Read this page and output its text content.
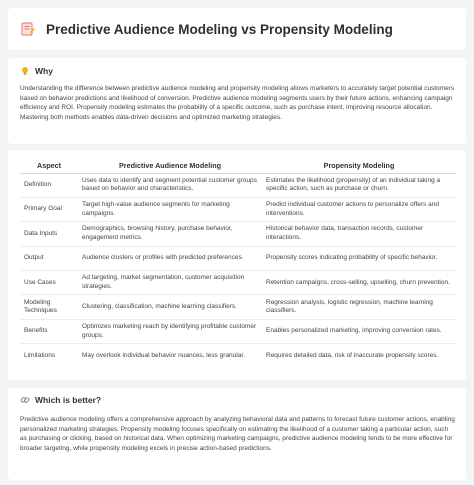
Predictive Audience Modeling vs Propensity Modeling
Why

Understanding the difference between predictive audience modeling and propensity modeling allows marketers to accurately target potential customers based on behavior predictions and likelihood of conversion. Predictive audience modeling segments users by their future actions, enhancing campaign efficiency and ROI. Propensity modeling estimates the probability of a specific outcome, such as purchase intent, improving resource allocation. Mastering both methods enables data-driven decisions and optimized marketing strategies.

Aspect	Predictive Audience Modeling	Propensity Modeling
Definition	Uses data to identify and segment potential customer groups based on behavior and characteristics.	Estimates the likelihood (propensity) of an individual taking a specific action, such as purchase or churn.
Primary Goal	Target high-value audience segments for marketing campaigns.	Predict individual customer actions to personalize offers and interventions.
Data Inputs	Demographics, browsing history, purchase behavior, engagement metrics.	Historical behavior data, transaction records, customer interactions.
Output	Audience clusters or profiles with predicted preferences.	Propensity scores indicating probability of specific behavior.
Use Cases	Ad targeting, market segmentation, customer acquisition strategies.	Retention campaigns, cross-selling, upselling, churn prevention.
Modeling Techniques	Clustering, classification, machine learning classifiers.	Regression analysis, logistic regression, machine learning classifiers.
Benefits	Optimizes marketing reach by identifying profitable customer groups.	Enables personalized marketing, improving conversion rates.
Limitations	May overlook individual behavior nuances, less granular.	Requires detailed data, risk of inaccurate propensity scores.
Which is better?

Predictive audience modeling offers a comprehensive approach by analyzing behavioral data and patterns to forecast future customer actions, enabling personalized marketing strategies. Propensity modeling focuses specifically on estimating the likelihood of a customer taking a particular action, such as purchasing or clicking, based on historical data. When optimizing marketing campaigns, predictive audience modeling tends to be more effective for broader targeting, while propensity modeling excels in precise action-based predictions.
